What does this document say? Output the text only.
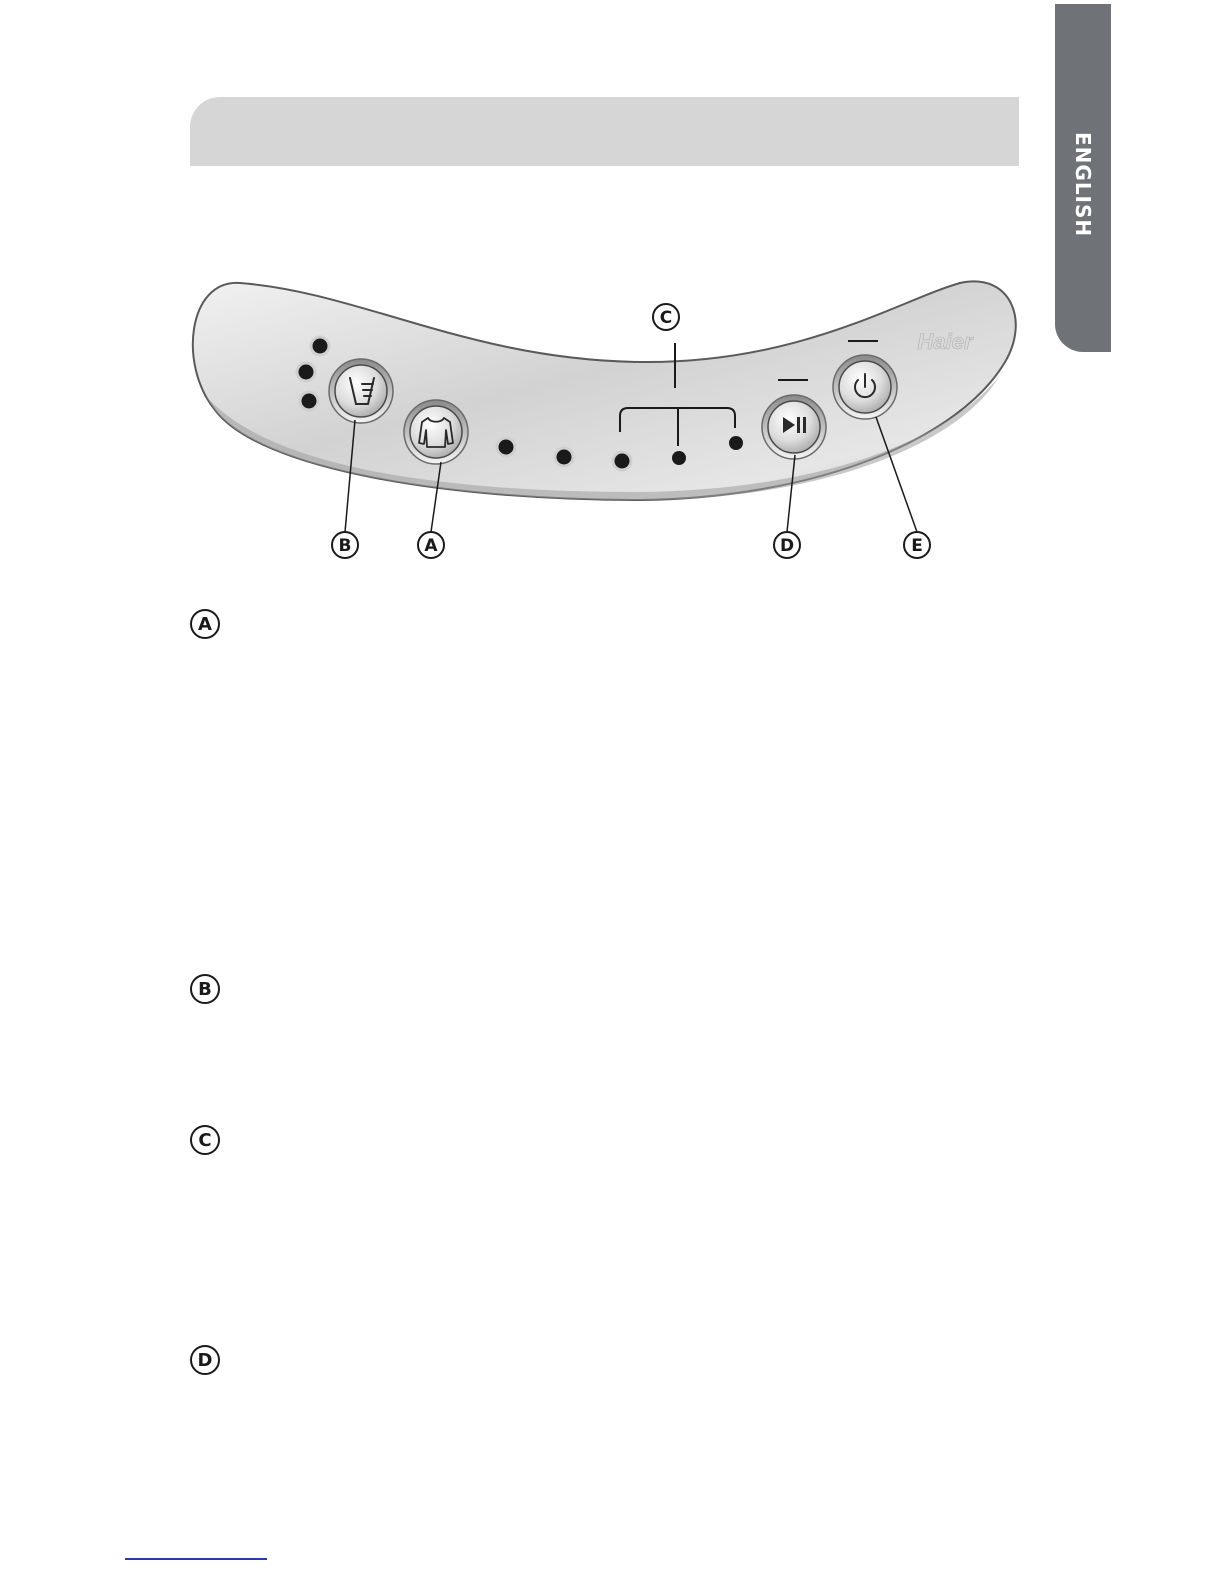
ENGLISH
Haier
C
B	A	D	E
A
B
C
D
